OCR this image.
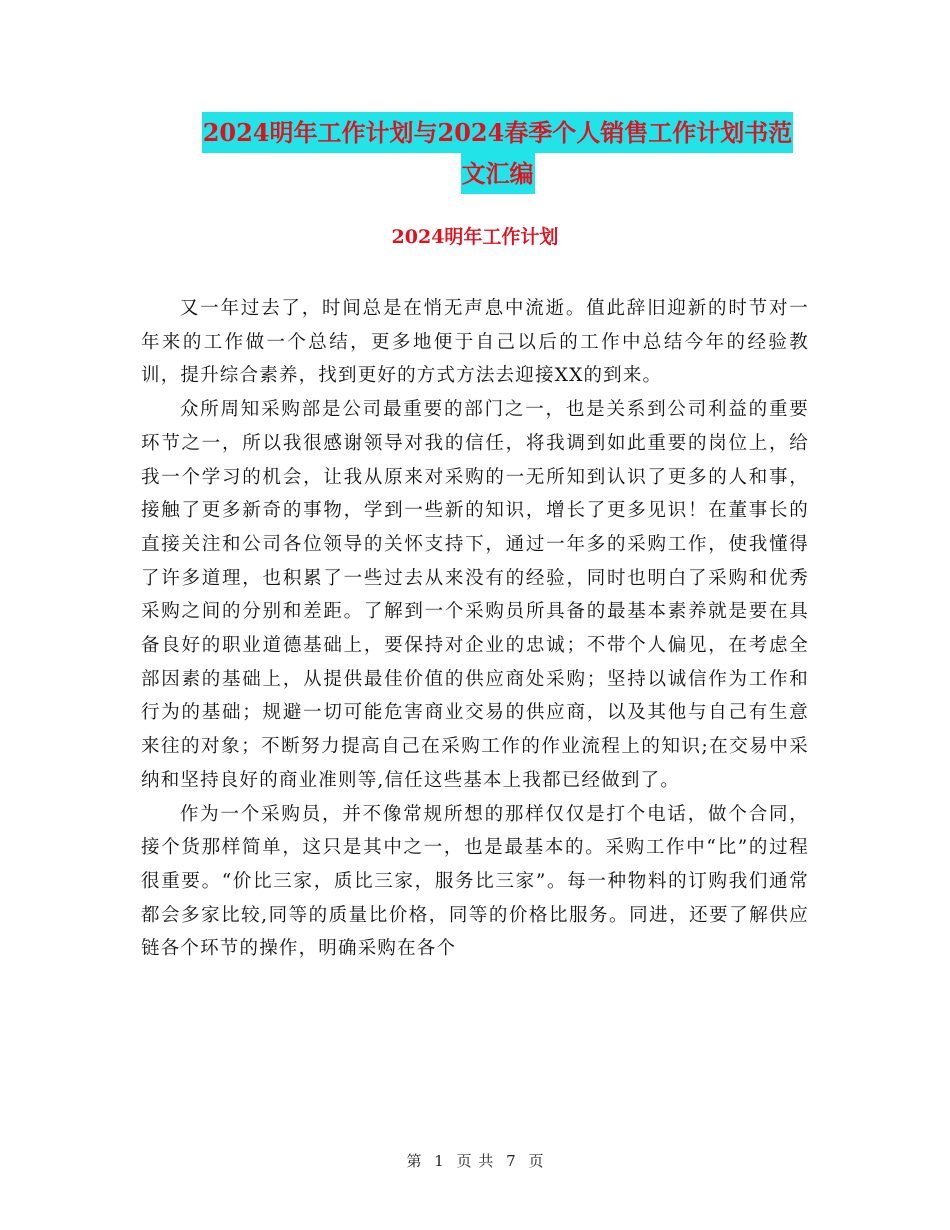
2024明年工作计划与2024春季个人销售工作计划书范
文汇编
2024明年工作计划

又一年过去了，时间总是在悄无声息中流逝。值此辞旧迎新的时节对一年来的工作做一个总结，更多地便于自己以后的工作中总结今年的经验教训，提升综合素养，找到更好的方式方法去迎接XX的到来。

众所周知采购部是公司最重要的部门之一，也是关系到公司利益的重要环节之一，所以我很感谢领导对我的信任，将我调到如此重要的岗位上，给我一个学习的机会，让我从原来对采购的一无所知到认识了更多的人和事，接触了更多新奇的事物，学到一些新的知识，增长了更多见识！在董事长的直接关注和公司各位领导的关怀支持下，通过一年多的采购工作，使我懂得了许多道理，也积累了一些过去从来没有的经验，同时也明白了采购和优秀采购之间的分别和差距。了解到一个采购员所具备的最基本素养就是要在具备良好的职业道德基础上，要保持对企业的忠诚；不带个人偏见，在考虑全部因素的基础上，从提供最佳价值的供应商处采购；坚持以诚信作为工作和行为的基础；规避一切可能危害商业交易的供应商，以及其他与自己有生意来往的对象；不断努力提高自己在采购工作的作业流程上的知识;在交易中采纳和坚持良好的商业准则等,信任这些基本上我都已经做到了。

作为一个采购员，并不像常规所想的那样仅仅是打个电话，做个合同，接个货那样简单，这只是其中之一，也是最基本的。采购工作中“比”的过程很重要。“价比三家，质比三家，服务比三家”。每一种物料的订购我们通常都会多家比较,同等的质量比价格，同等的价格比服务。同进，还要了解供应链各个环节的操作，明确采购在各个

第 1 页 共 7 页
